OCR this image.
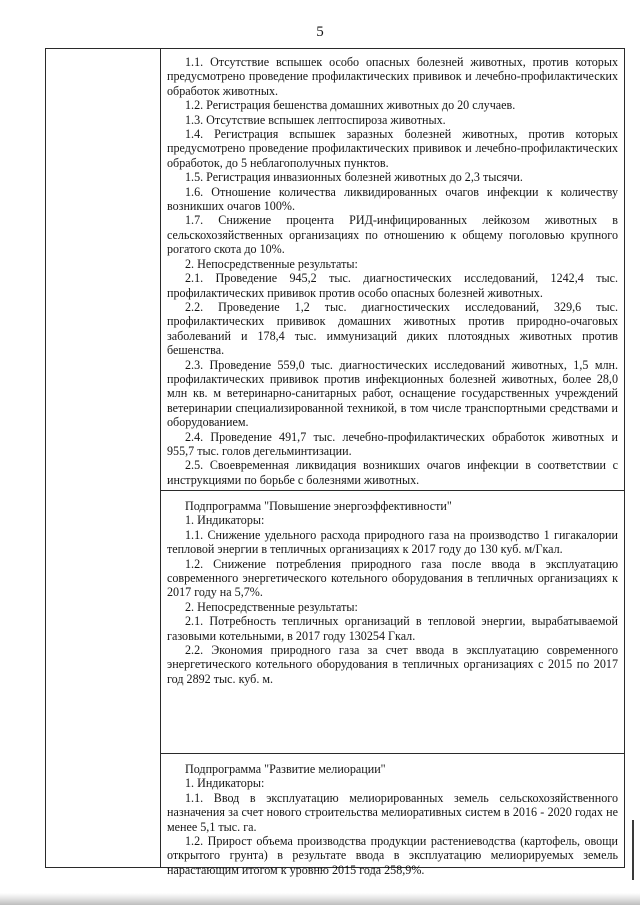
5

1.1. Отсутствие вспышек особо опасных болезней животных, против которых предусмотрено проведение профилактических прививок и лечебно-профилактических обработок животных.

1.2. Регистрация бешенства домашних животных до 20 случаев.

1.3. Отсутствие вспышек лептоспироза животных.

1.4. Регистрация вспышек заразных болезней животных, против которых предусмотрено проведение профилактических прививок и лечебно-профилактических обработок, до 5 неблагополучных пунктов.

1.5. Регистрация инвазионных болезней животных до 2,3 тысячи.

1.6. Отношение количества ликвидированных очагов инфекции к количеству возникших очагов 100%.

1.7. Снижение процента РИД-инфицированных лейкозом животных в сельскохозяйственных организациях по отношению к общему поголовью крупного рогатого скота до 10%.

2. Непосредственные результаты:

2.1. Проведение 945,2 тыс. диагностических исследований, 1242,4 тыс. профилактических прививок против особо опасных болезней животных.

2.2. Проведение 1,2 тыс. диагностических исследований, 329,6 тыс. профилактических прививок домашних животных против природно-очаговых заболеваний и 178,4 тыс. иммунизаций диких плотоядных животных против бешенства.

2.3. Проведение 559,0 тыс. диагностических исследований животных, 1,5 млн. профилактических прививок против инфекционных болезней животных, более 28,0 млн кв. м ветеринарно-санитарных работ, оснащение государственных учреждений ветеринарии специализированной техникой, в том числе транспортными средствами и оборудованием.

2.4. Проведение 491,7 тыс. лечебно-профилактических обработок животных и 955,7 тыс. голов дегельминтизации.

2.5. Своевременная ликвидация возникших очагов инфекции в соответствии с инструкциями по борьбе с болезнями животных.

Подпрограмма "Повышение энергоэффективности"

1. Индикаторы:

1.1. Снижение удельного расхода природного газа на производство 1 гигакалории тепловой энергии в тепличных организациях к 2017 году до 130 куб. м/Гкал.

1.2. Снижение потребления природного газа после ввода в эксплуатацию современного энергетического котельного оборудования в тепличных организациях к 2017 году на 5,7%.

2. Непосредственные результаты:

2.1. Потребность тепличных организаций в тепловой энергии, вырабатываемой газовыми котельными, в 2017 году 130254 Гкал.

2.2. Экономия природного газа за счет ввода в эксплуатацию современного энергетического котельного оборудования в тепличных организациях с 2015 по 2017 год 2892 тыс. куб. м.

Подпрограмма "Развитие мелиорации"

1. Индикаторы:

1.1. Ввод в эксплуатацию мелиорированных земель сельскохозяйственного назначения за счет нового строительства мелиоративных систем в 2016 - 2020 годах не менее 5,1 тыс. га.

1.2. Прирост объема производства продукции растениеводства (картофель, овощи открытого грунта) в результате ввода в эксплуатацию мелиорируемых земель нарастающим итогом к уровню 2015 года 258,9%.
